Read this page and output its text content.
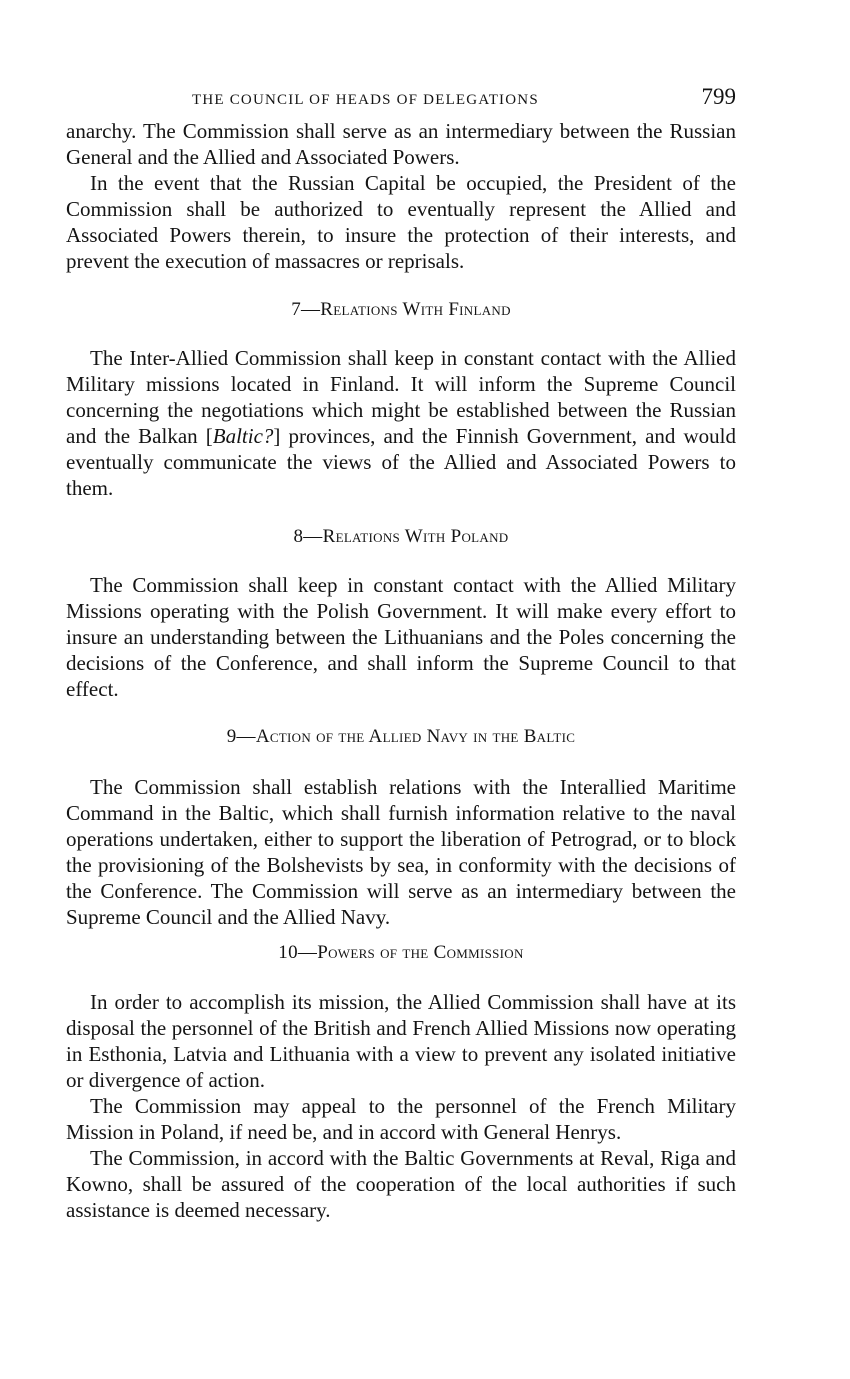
THE COUNCIL OF HEADS OF DELEGATIONS	799

anarchy. The Commission shall serve as an intermediary between the Russian General and the Allied and Associated Powers.

In the event that the Russian Capital be occupied, the President of the Commission shall be authorized to eventually represent the Allied and Associated Powers therein, to insure the protection of their interests, and prevent the execution of massacres or reprisals.

7—Relations With Finland

The Inter-Allied Commission shall keep in constant contact with the Allied Military missions located in Finland. It will inform the Supreme Council concerning the negotiations which might be established between the Russian and the Balkan [Baltic?] provinces, and the Finnish Government, and would eventually communicate the views of the Allied and Associated Powers to them.

8—Relations With Poland

The Commission shall keep in constant contact with the Allied Military Missions operating with the Polish Government. It will make every effort to insure an understanding between the Lithuanians and the Poles concerning the decisions of the Conference, and shall inform the Supreme Council to that effect.

9—Action of the Allied Navy in the Baltic

The Commission shall establish relations with the Interallied Maritime Command in the Baltic, which shall furnish information relative to the naval operations undertaken, either to support the liberation of Petrograd, or to block the provisioning of the Bolshevists by sea, in conformity with the decisions of the Conference. The Commission will serve as an intermediary between the Supreme Council and the Allied Navy.

10—Powers of the Commission

In order to accomplish its mission, the Allied Commission shall have at its disposal the personnel of the British and French Allied Missions now operating in Esthonia, Latvia and Lithuania with a view to prevent any isolated initiative or divergence of action.

The Commission may appeal to the personnel of the French Military Mission in Poland, if need be, and in accord with General Henrys.

The Commission, in accord with the Baltic Governments at Reval, Riga and Kowno, shall be assured of the cooperation of the local authorities if such assistance is deemed necessary.
